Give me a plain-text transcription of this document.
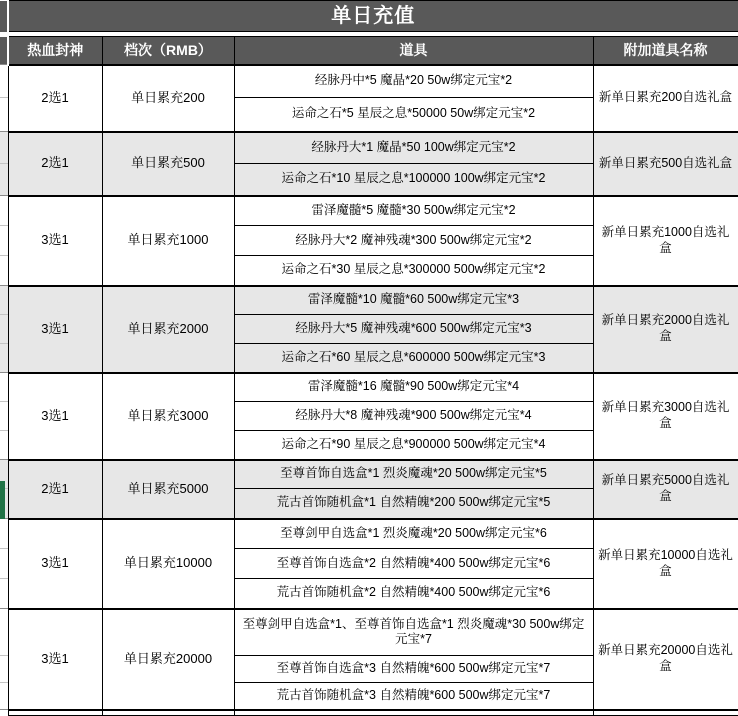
	单日充值			

	热血封神	档次（RMB）	道具	附加道具名称
	2选1	单日累充200	经脉丹中*5 魔晶*20 50w绑定元宝*2	新单日累充200自选礼盒
			运命之石*5 星辰之息*50000 50w绑定元宝*2	
	2选1	单日累充500	经脉丹大*1 魔晶*50 100w绑定元宝*2	新单日累充500自选礼盒
			运命之石*10 星辰之息*100000 100w绑定元宝*2	
	3选1	单日累充1000	雷泽魔髓*5 魔髓*30 500w绑定元宝*2	新单日累充1000自选礼盒
			经脉丹大*2 魔神残魂*300 500w绑定元宝*2	
			运命之石*30 星辰之息*300000 500w绑定元宝*2	
	3选1	单日累充2000	雷泽魔髓*10 魔髓*60 500w绑定元宝*3	新单日累充2000自选礼盒
			经脉丹大*5 魔神残魂*600 500w绑定元宝*3	
			运命之石*60 星辰之息*600000 500w绑定元宝*3	
	3选1	单日累充3000	雷泽魔髓*16 魔髓*90 500w绑定元宝*4	新单日累充3000自选礼盒
			经脉丹大*8 魔神残魂*900 500w绑定元宝*4	
			运命之石*90 星辰之息*900000 500w绑定元宝*4	
	2选1	单日累充5000	至尊首饰自选盒*1 烈炎魔魂*20 500w绑定元宝*5	新单日累充5000自选礼盒
			荒古首饰随机盒*1 自然精魄*200 500w绑定元宝*5	
	3选1	单日累充10000	至尊剑甲自选盒*1 烈炎魔魂*20 500w绑定元宝*6	新单日累充10000自选礼盒
			至尊首饰自选盒*2 自然精魄*400 500w绑定元宝*6	
			荒古首饰随机盒*2 自然精魄*400 500w绑定元宝*6	
	3选1	单日累充20000	至尊剑甲自选盒*1、至尊首饰自选盒*1 烈炎魔魂*30 500w绑定元宝*7	新单日累充20000自选礼盒
			至尊首饰自选盒*3 自然精魄*600 500w绑定元宝*7	
			荒古首饰随机盒*3 自然精魄*600 500w绑定元宝*7	
